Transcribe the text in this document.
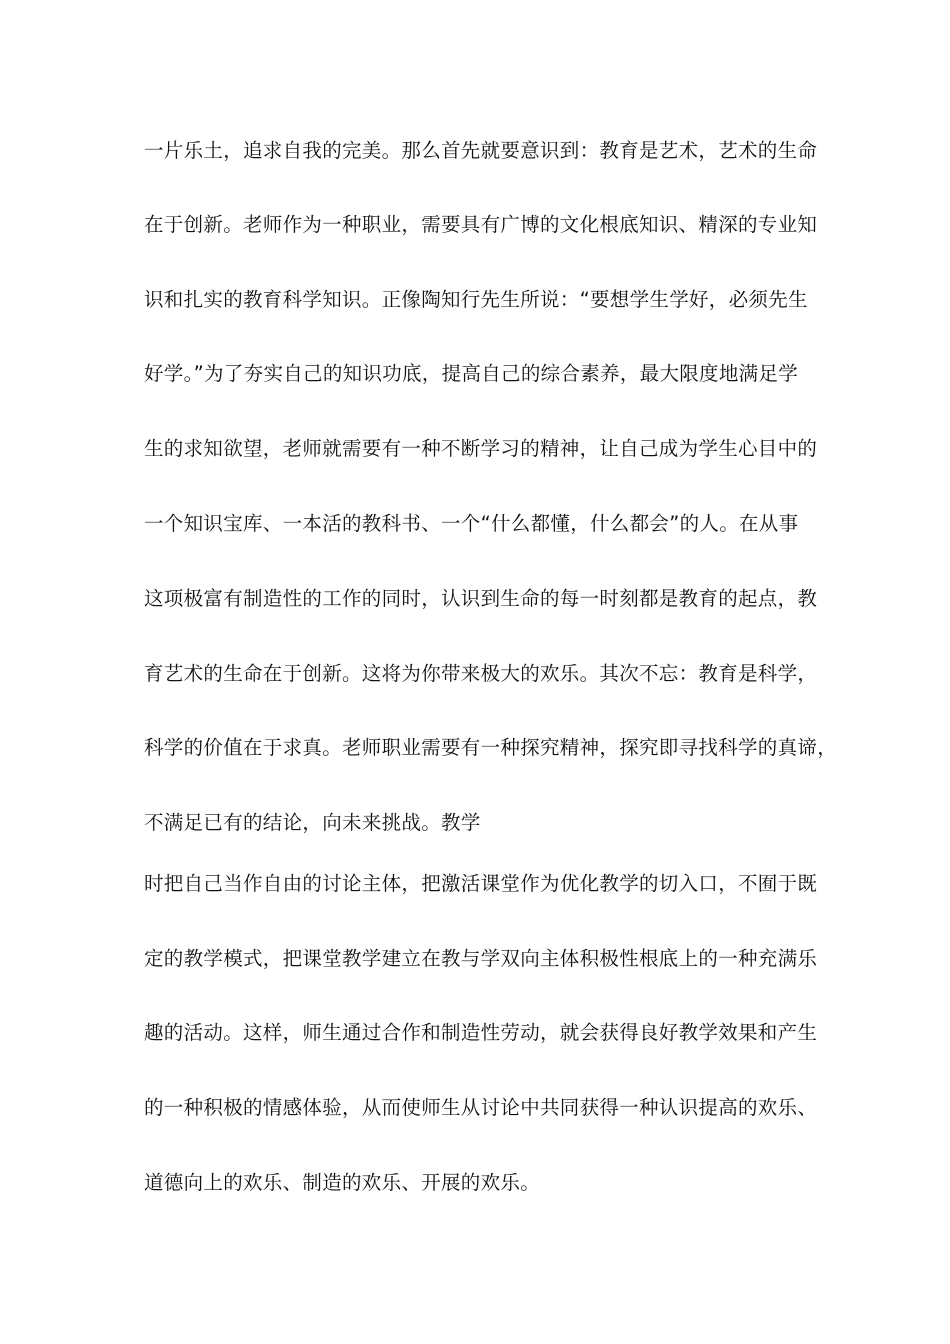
一片乐土，追求自我的完美。那么首先就要意识到：教育是艺术，艺术的生命
在于创新。老师作为一种职业，需要具有广博的文化根底知识、精深的专业知
识和扎实的教育科学知识。正像陶知行先生所说：“要想学生学好，必须先生
好学。”为了夯实自己的知识功底，提高自己的综合素养，最大限度地满足学
生的求知欲望，老师就需要有一种不断学习的精神，让自己成为学生心目中的
一个知识宝库、一本活的教科书、一个“什么都懂，什么都会”的人。在从事
这项极富有制造性的工作的同时，认识到生命的每一时刻都是教育的起点，教
育艺术的生命在于创新。这将为你带来极大的欢乐。其次不忘：教育是科学，
科学的价值在于求真。老师职业需要有一种探究精神，探究即寻找科学的真谛，
不满足已有的结论，向未来挑战。教学
时把自己当作自由的讨论主体，把激活课堂作为优化教学的切入口，不囿于既
定的教学模式，把课堂教学建立在教与学双向主体积极性根底上的一种充满乐
趣的活动。这样，师生通过合作和制造性劳动，就会获得良好教学效果和产生
的一种积极的情感体验，从而使师生从讨论中共同获得一种认识提高的欢乐、
道德向上的欢乐、制造的欢乐、开展的欢乐。
